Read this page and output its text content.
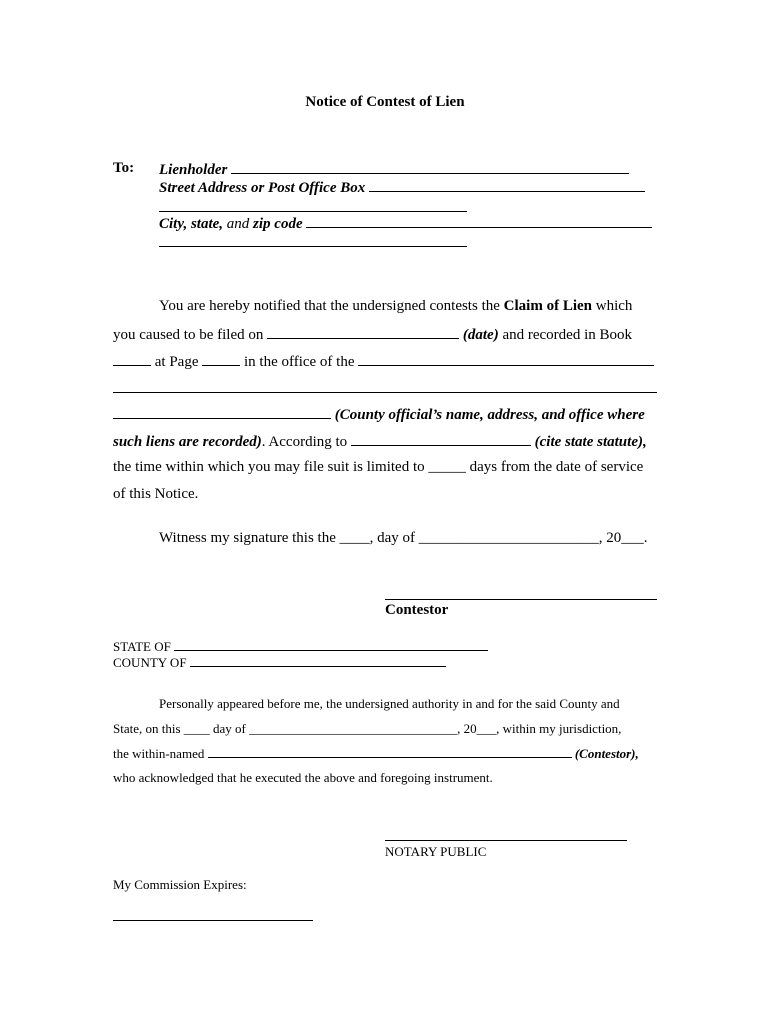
Notice of Contest of Lien
To: Lienholder
Street Address or Post Office Box
City, state, and zip code
You are hereby notified that the undersigned contests the Claim of Lien which
you caused to be filed on	(date) and recorded in Book
at Page	in the office of the
(County official’s name, address, and office where
such liens are recorded). According to	(cite state statute),
the time within which you may file suit is limited to _____ days from the date of service
of this Notice.
Witness my signature this the ____, day of ________________________, 20___.
Contestor
STATE OF
COUNTY OF
Personally appeared before me, the undersigned authority in and for the said County and
State, on this ____ day of ________________________________, 20___, within my jurisdiction,
the within-named	(Contestor),
who acknowledged that he executed the above and foregoing instrument.
NOTARY PUBLIC
My Commission Expires:
